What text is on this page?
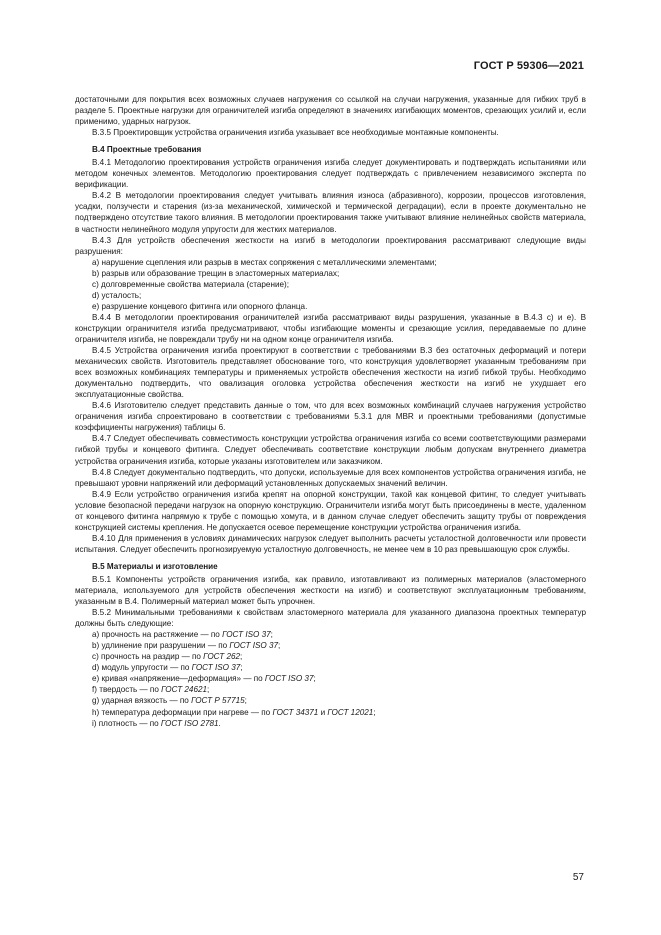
ГОСТ Р 59306—2021

достаточными для покрытия всех возможных случаев нагружения со ссылкой на случаи нагружения, указанные для гибких труб в разделе 5. Проектные нагрузки для ограничителей изгиба определяют в значениях изгибающих моментов, срезающих усилий и, если применимо, ударных нагрузок.

В.3.5 Проектировщик устройства ограничения изгиба указывает все необходимые монтажные компоненты.

В.4 Проектные требования

В.4.1 Методологию проектирования устройств ограничения изгиба следует документировать и подтверждать испытаниями или методом конечных элементов. Методологию проектирования следует подтверждать с привлечением независимого эксперта по верификации.

В.4.2 В методологии проектирования следует учитывать влияния износа (абразивного), коррозии, процессов изготовления, усадки, ползучести и старения (из-за механической, химической и термической деградации), если в проекте документально не подтверждено отсутствие такого влияния. В методологии проектирования также учитывают влияние нелинейных свойств материала, в частности нелинейного модуля упругости для жестких материалов.

В.4.3 Для устройств обеспечения жесткости на изгиб в методологии проектирования рассматривают следующие виды разрушения:

a) нарушение сцепления или разрыв в местах сопряжения с металлическими элементами;

b) разрыв или образование трещин в эластомерных материалах;

c) долговременные свойства материала (старение);

d) усталость;

e) разрушение концевого фитинга или опорного фланца.

В.4.4 В методологии проектирования ограничителей изгиба рассматривают виды разрушения, указанные в В.4.3 c) и e). В конструкции ограничителя изгиба предусматривают, чтобы изгибающие моменты и срезающие усилия, передаваемые по длине ограничителя изгиба, не повреждали трубу ни на одном конце ограничителя изгиба.

В.4.5 Устройства ограничения изгиба проектируют в соответствии с требованиями В.3 без остаточных деформаций и потери механических свойств. Изготовитель представляет обоснование того, что конструкция удовлетворяет указанным требованиям при всех возможных комбинациях температуры и применяемых устройств обеспечения жесткости на изгиб гибкой трубы. Необходимо документально подтвердить, что овализация оголовка устройства обеспечения жесткости на изгиб не ухудшает его эксплуатационные свойства.

В.4.6 Изготовителю следует представить данные о том, что для всех возможных комбинаций случаев нагружения устройство ограничения изгиба спроектировано в соответствии с требованиями 5.3.1 для MBR и проектными требованиями (допустимые коэффициенты нагружения) таблицы 6.

В.4.7 Следует обеспечивать совместимость конструкции устройства ограничения изгиба со всеми соответствующими размерами гибкой трубы и концевого фитинга. Следует обеспечивать соответствие конструкции любым допускам внутреннего диаметра устройства ограничения изгиба, которые указаны изготовителем или заказчиком.

В.4.8 Следует документально подтвердить, что допуски, используемые для всех компонентов устройства ограничения изгиба, не превышают уровни напряжений или деформаций установленных допускаемых значений величин.

В.4.9 Если устройство ограничения изгиба крепят на опорной конструкции, такой как концевой фитинг, то следует учитывать условие безопасной передачи нагрузок на опорную конструкцию. Ограничители изгиба могут быть присоединены в месте, удаленном от концевого фитинга напрямую к трубе с помощью хомута, и в данном случае следует обеспечить защиту трубы от повреждения конструкцией системы крепления. Не допускается осевое перемещение конструкции устройства ограничения изгиба.

В.4.10 Для применения в условиях динамических нагрузок следует выполнить расчеты усталостной долговечности или провести испытания. Следует обеспечить прогнозируемую усталостную долговечность, не менее чем в 10 раз превышающую срок службы.

В.5 Материалы и изготовление

В.5.1 Компоненты устройств ограничения изгиба, как правило, изготавливают из полимерных материалов (эластомерного материала, используемого для устройств обеспечения жесткости на изгиб) и соответствуют эксплуатационным требованиям, указанным в В.4. Полимерный материал может быть упрочнен.

В.5.2 Минимальными требованиями к свойствам эластомерного материала для указанного диапазона проектных температур должны быть следующие:

a) прочность на растяжение — по ГОСТ ISO 37;

b) удлинение при разрушении — по ГОСТ ISO 37;

c) прочность на раздир — по ГОСТ 262;

d) модуль упругости — по ГОСТ ISO 37;

e) кривая «напряжение—деформация» — по ГОСТ ISO 37;

f) твердость — по ГОСТ 24621;

g) ударная вязкость — по ГОСТ Р 57715;

h) температура деформации при нагреве — по ГОСТ 34371 и ГОСТ 12021;

i) плотность — по ГОСТ ISO 2781.

57
